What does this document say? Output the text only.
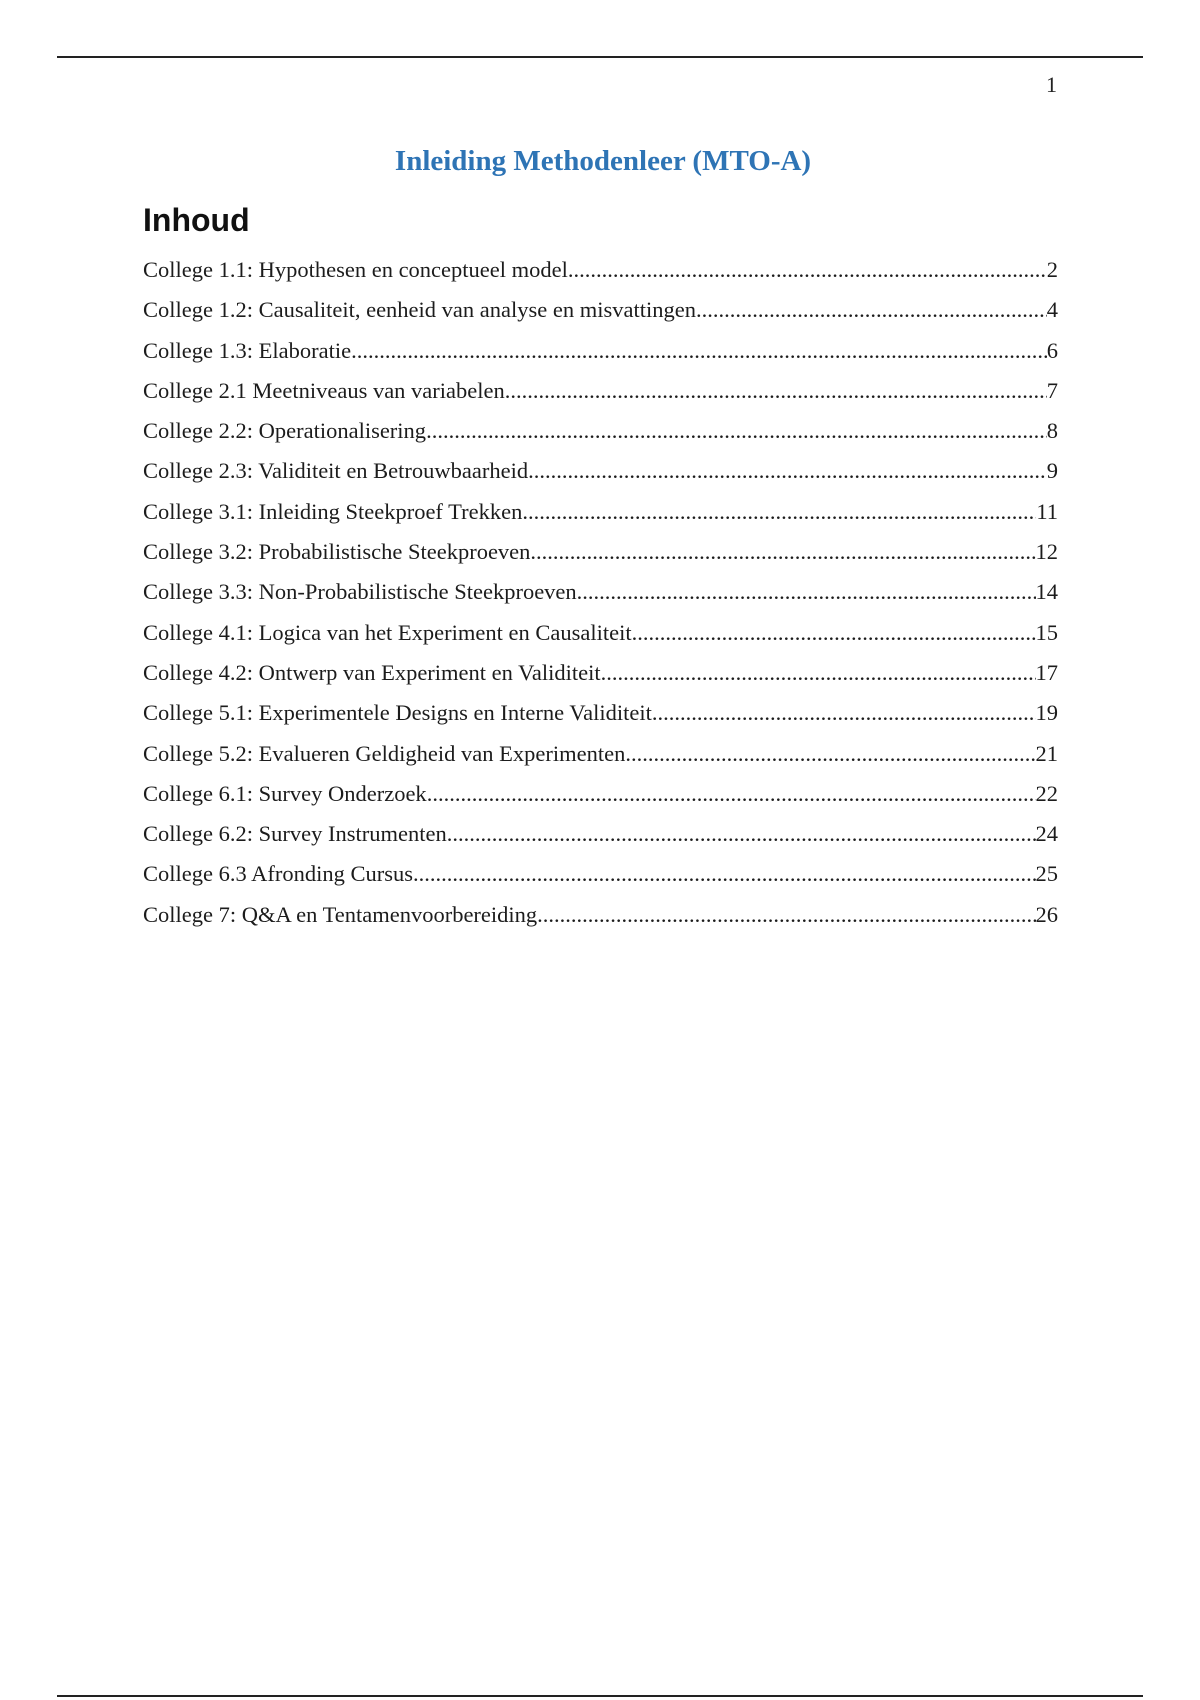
1
Inleiding Methodenleer (MTO-A)
Inhoud
College 1.1: Hypothesen en conceptueel model .....	2
College 1.2: Causaliteit, eenheid van analyse en misvattingen .....	4
College 1.3: Elaboratie .....	6
College 2.1 Meetniveaus van variabelen .....	7
College 2.2: Operationalisering .....	8
College 2.3: Validiteit en Betrouwbaarheid .....	9
College 3.1: Inleiding Steekproef Trekken .....	11
College 3.2: Probabilistische Steekproeven .....	12
College 3.3: Non-Probabilistische Steekproeven .....	14
College 4.1: Logica van het Experiment en Causaliteit .....	15
College 4.2: Ontwerp van Experiment en Validiteit .....	17
College 5.1: Experimentele Designs en Interne Validiteit .....	19
College 5.2: Evalueren Geldigheid van Experimenten .....	21
College 6.1: Survey Onderzoek .....	22
College 6.2: Survey Instrumenten .....	24
College 6.3 Afronding Cursus .....	25
College 7: Q&A en Tentamenvoorbereiding .....	26
